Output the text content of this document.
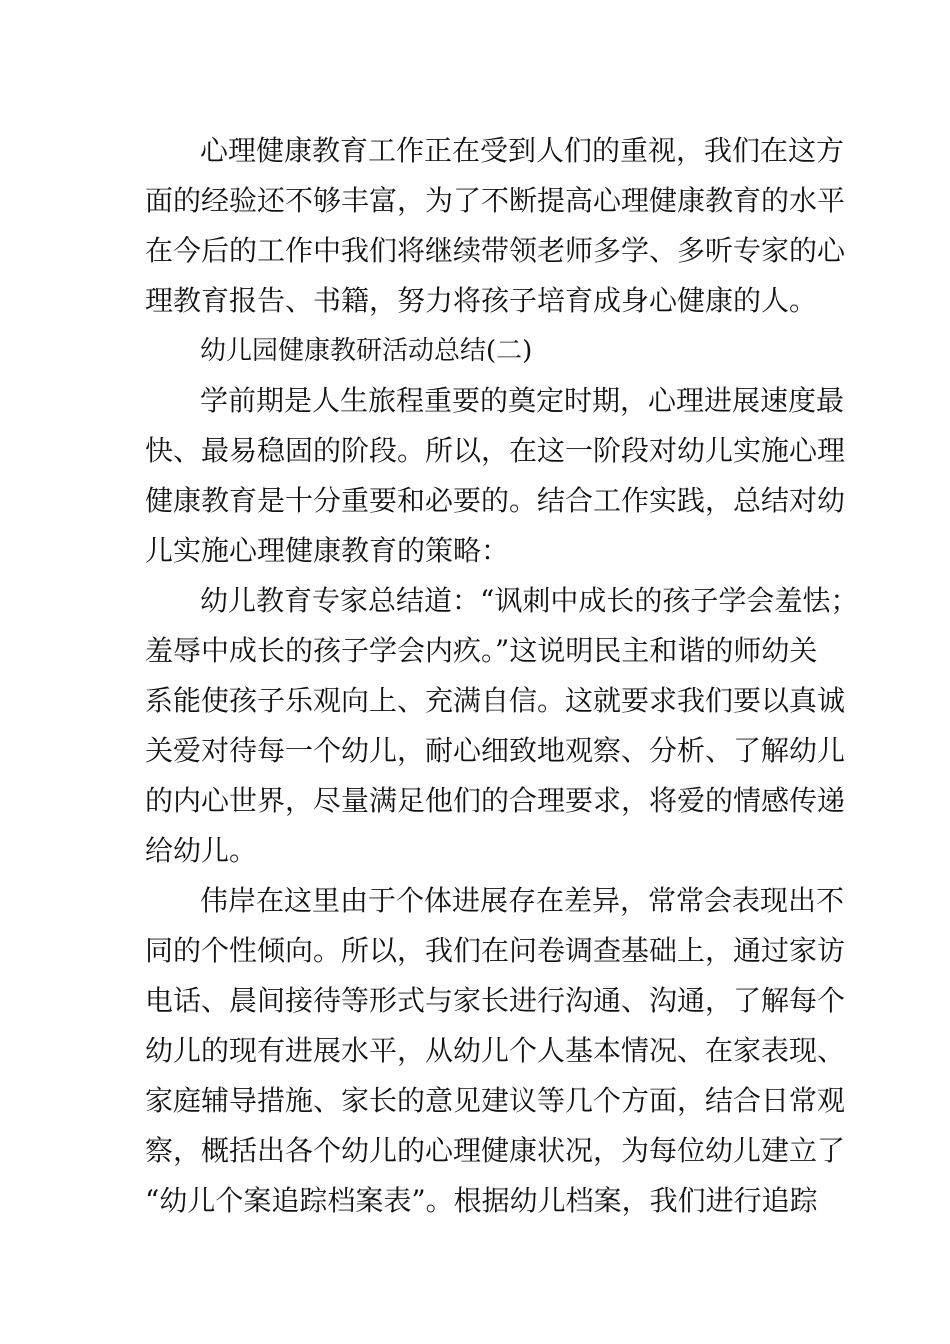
心理健康教育工作正在受到人们的重视，我们在这方
面的经验还不够丰富，为了不断提高心理健康教育的水平
在今后的工作中我们将继续带领老师多学、多听专家的心
理教育报告、书籍，努力将孩子培育成身心健康的人。
幼儿园健康教研活动总结(二)
学前期是人生旅程重要的奠定时期，心理进展速度最
快、最易稳固的阶段。所以，在这一阶段对幼儿实施心理
健康教育是十分重要和必要的。结合工作实践，总结对幼
儿实施心理健康教育的策略：
幼儿教育专家总结道：“讽刺中成长的孩子学会羞怯；
羞辱中成长的孩子学会内疚。”这说明民主和谐的师幼关
系能使孩子乐观向上、充满自信。这就要求我们要以真诚
关爱对待每一个幼儿，耐心细致地观察、分析、了解幼儿
的内心世界，尽量满足他们的合理要求，将爱的情感传递
给幼儿。
伟岸在这里由于个体进展存在差异，常常会表现出不
同的个性倾向。所以，我们在问卷调查基础上，通过家访
电话、晨间接待等形式与家长进行沟通、沟通，了解每个
幼儿的现有进展水平，从幼儿个人基本情况、在家表现、
家庭辅导措施、家长的意见建议等几个方面，结合日常观
察，概括出各个幼儿的心理健康状况，为每位幼儿建立了
“幼儿个案追踪档案表”。根据幼儿档案，我们进行追踪
